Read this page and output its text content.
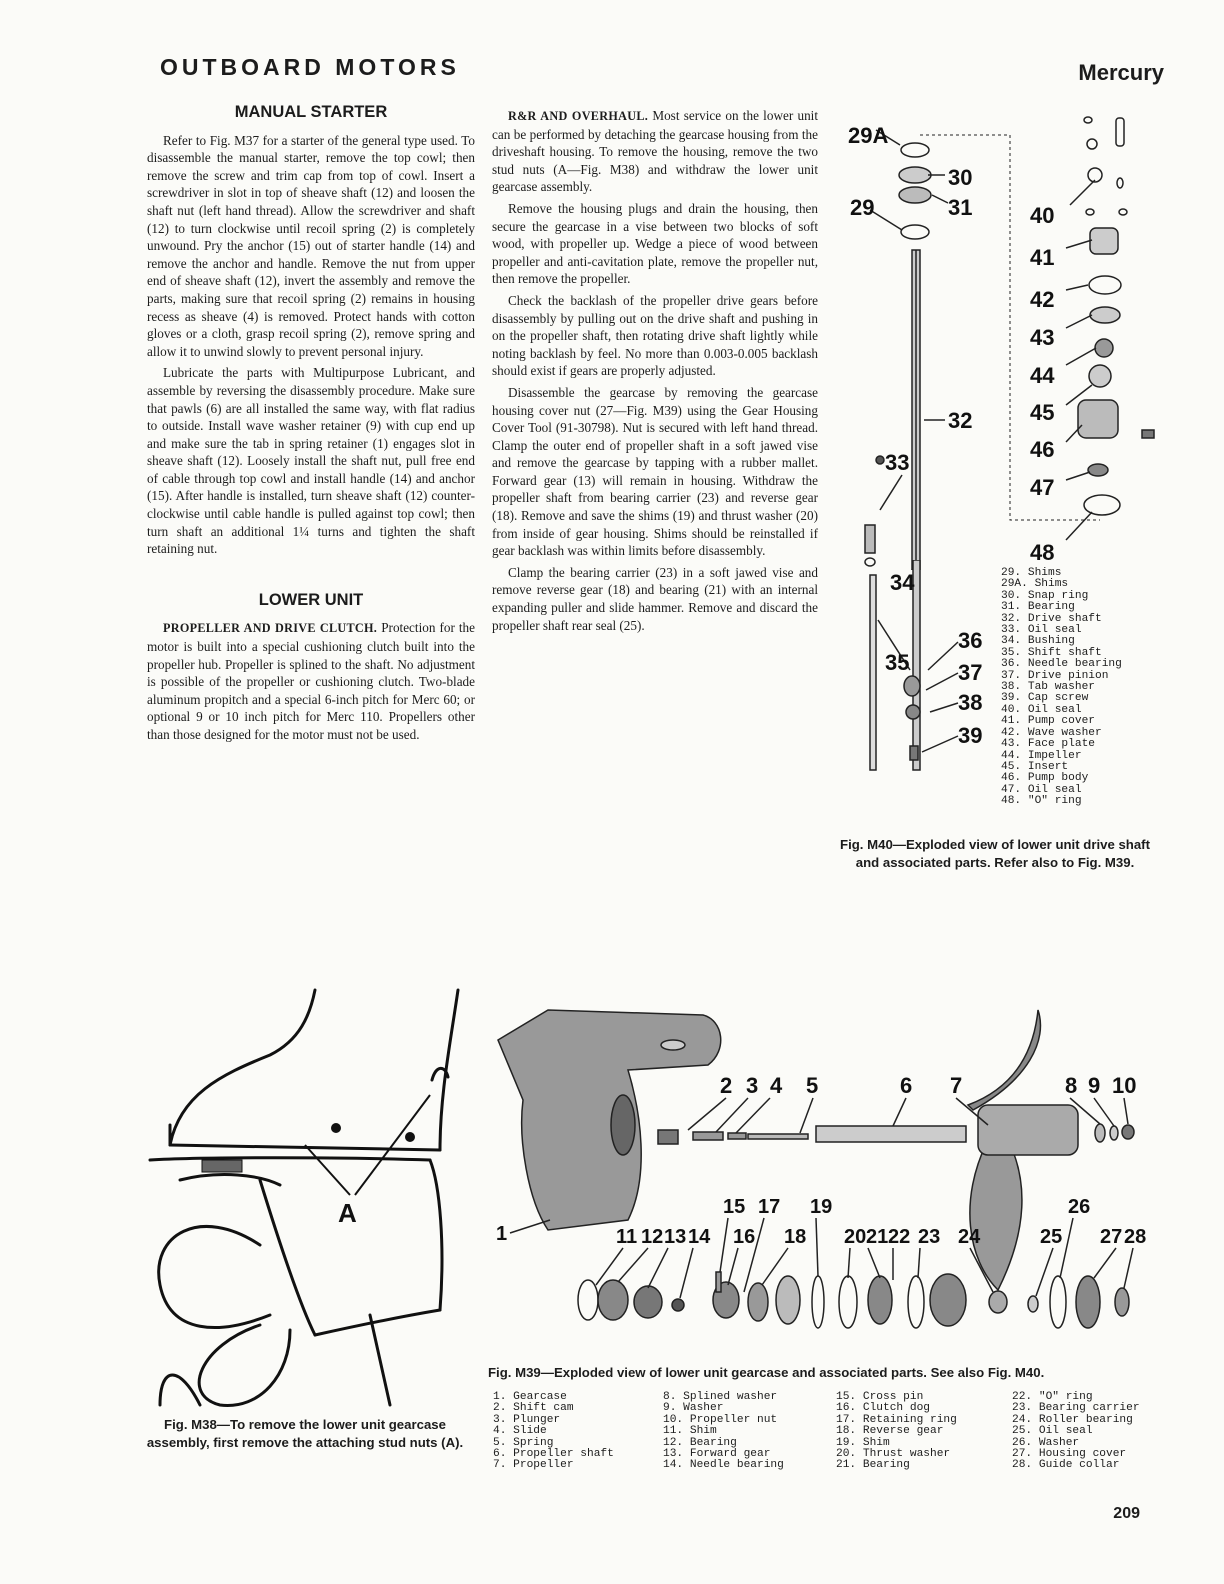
OUTBOARD MOTORS	Mercury
MANUAL STARTER

Refer to Fig. M37 for a starter of the general type used. To disassemble the manual starter, remove the top cowl; then remove the screw and trim cap from top of cowl. Insert a screwdriver in slot in top of sheave shaft (12) and loosen the shaft nut (left hand thread). Allow the screwdriver and shaft (12) to turn clockwise until recoil spring (2) is completely unwound. Pry the anchor (15) out of starter handle (14) and remove the anchor and handle. Remove the nut from upper end of sheave shaft (12), invert the assembly and remove the parts, making sure that recoil spring (2) remains in housing recess as sheave (4) is removed. Protect hands with cotton gloves or a cloth, grasp recoil spring (2), remove spring and allow it to unwind slowly to prevent personal injury.

Lubricate the parts with Multipurpose Lubricant, and assemble by reversing the disassembly procedure. Make sure that pawls (6) are all installed the same way, with flat radius to outside. Install wave washer retainer (9) with cup end up and make sure the tab in spring retainer (1) engages slot in sheave shaft (12). Loosely install the shaft nut, pull free end of cable through top cowl and install handle (14) and anchor (15). After handle is installed, turn sheave shaft (12) counter-clockwise until cable handle is pulled against top cowl; then turn shaft an additional 1¼ turns and tighten the shaft retaining nut.

LOWER UNIT

PROPELLER AND DRIVE CLUTCH. Protection for the motor is built into a special cushioning clutch built into the propeller hub. Propeller is splined to the shaft. No adjustment is possible of the propeller or cushioning clutch. Two-blade aluminum propitch and a special 6-inch pitch for Merc 60; or optional 9 or 10 inch pitch for Merc 110. Propellers other than those designed for the motor must not be used.

R&R AND OVERHAUL. Most service on the lower unit can be performed by detaching the gearcase housing from the driveshaft housing. To remove the housing, remove the two stud nuts (A—Fig. M38) and withdraw the lower unit gearcase assembly.

Remove the housing plugs and drain the housing, then secure the gearcase in a vise between two blocks of soft wood, with propeller up. Wedge a piece of wood between propeller and anti-cavitation plate, remove the propeller nut, then remove the propeller.

Check the backlash of the propeller drive gears before disassembly by pulling out on the drive shaft and pushing in on the propeller shaft, then rotating drive shaft lightly while noting backlash by feel. No more than 0.003-0.005 backlash should exist if gears are properly adjusted.

Disassemble the gearcase by removing the gearcase housing cover nut (27—Fig. M39) using the Gear Housing Cover Tool (91-30798). Nut is secured with left hand thread. Clamp the outer end of propeller shaft in a soft jawed vise and remove the gearcase by tapping with a rubber mallet. Forward gear (13) will remain in housing. Withdraw the propeller shaft from bearing carrier (23) and reverse gear (18). Remove and save the shims (19) and thrust washer (20) from inside of gear housing. Shims should be reinstalled if gear backlash was within limits before disassembly.

Clamp the bearing carrier (23) in a soft jawed vise and remove reverse gear (18) and bearing (21) with an internal expanding puller and slide hammer. Remove and discard the propeller shaft rear seal (25).

29A
29
30
31
32
33
34
35
36
37
38
39
40
41
42
43
44
45
46
47
48
29. Shims
29A. Shims
30. Snap ring
31. Bearing
32. Drive shaft
33. Oil seal
34. Bushing
35. Shift shaft
36. Needle bearing
37. Drive pinion
38. Tab washer
39. Cap screw
40. Oil seal
41. Pump cover
42. Wave washer
43. Face plate
44. Impeller
45. Insert
46. Pump body
47. Oil seal
48. "O" ring
Fig. M40—Exploded view of lower unit drive shaft and associated parts. Refer also to Fig. M39.
A
Fig. M38—To remove the lower unit gearcase assembly, first remove the attaching stud nuts (A).
2 3 4 5	6 7	8 9 10
1	11 12 13 14
15
16
17
18
19
20 21 22 23 24	25
26
27 28
Fig. M39—Exploded view of lower unit gearcase and associated parts. See also Fig. M40.
1. Gearcase
2. Shift cam
3. Plunger
4. Slide
5. Spring
6. Propeller shaft
7. Propeller
8. Splined washer
9. Washer
10. Propeller nut
11. Shim
12. Bearing
13. Forward gear
14. Needle bearing
15. Cross pin
16. Clutch dog
17. Retaining ring
18. Reverse gear
19. Shim
20. Thrust washer
21. Bearing
22. "O" ring
23. Bearing carrier
24. Roller bearing
25. Oil seal
26. Washer
27. Housing cover
28. Guide collar
209
